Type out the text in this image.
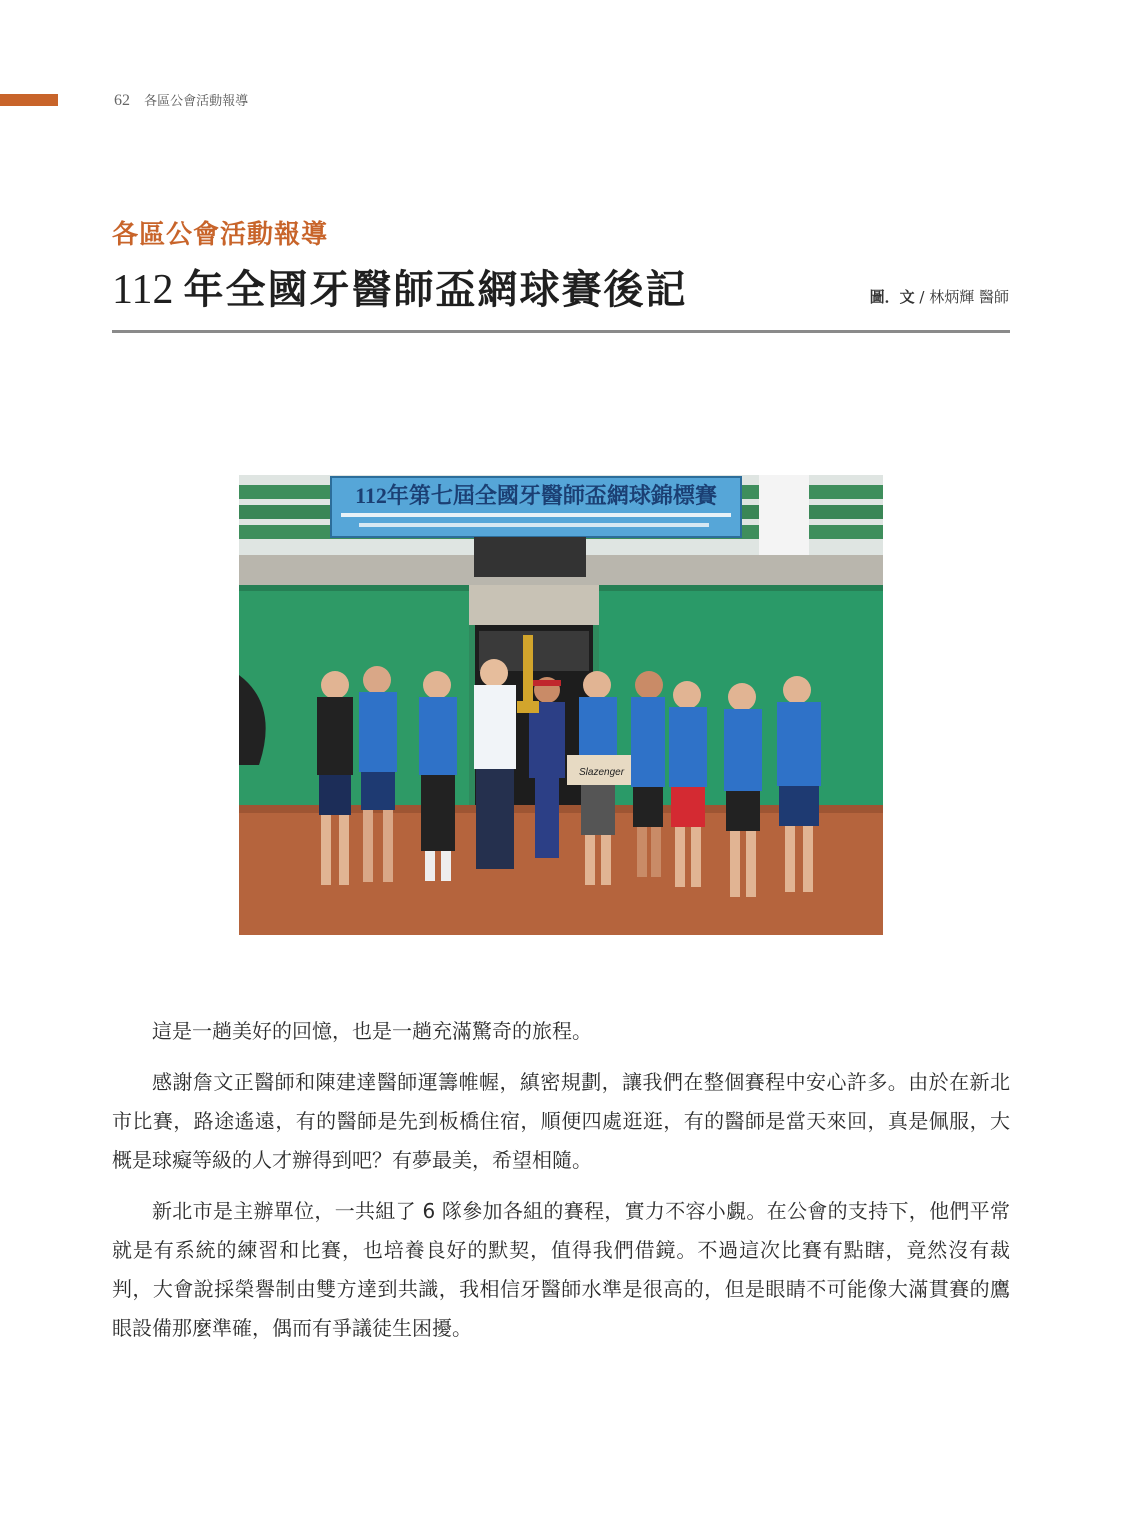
62 各區公會活動報導
各區公會活動報導
112 年全國牙醫師盃網球賽後記	圖．文 / 林炳輝 醫師
112年第七屆全國牙醫師盃網球錦標賽
Slazenger

這是一趟美好的回憶，也是一趟充滿驚奇的旅程。

感謝詹文正醫師和陳建達醫師運籌帷幄，縝密規劃，讓我們在整個賽程中安心許多。由於在新北市比賽，路途遙遠，有的醫師是先到板橋住宿，順便四處逛逛，有的醫師是當天來回，真是佩服，大概是球癡等級的人才辦得到吧？有夢最美，希望相隨。

新北市是主辦單位，一共組了 6 隊參加各組的賽程，實力不容小覷。在公會的支持下，他們平常就是有系統的練習和比賽，也培養良好的默契，值得我們借鏡。不過這次比賽有點瞎，竟然沒有裁判，大會說採榮譽制由雙方達到共識，我相信牙醫師水準是很高的，但是眼睛不可能像大滿貫賽的鷹眼設備那麼準確，偶而有爭議徒生困擾。
